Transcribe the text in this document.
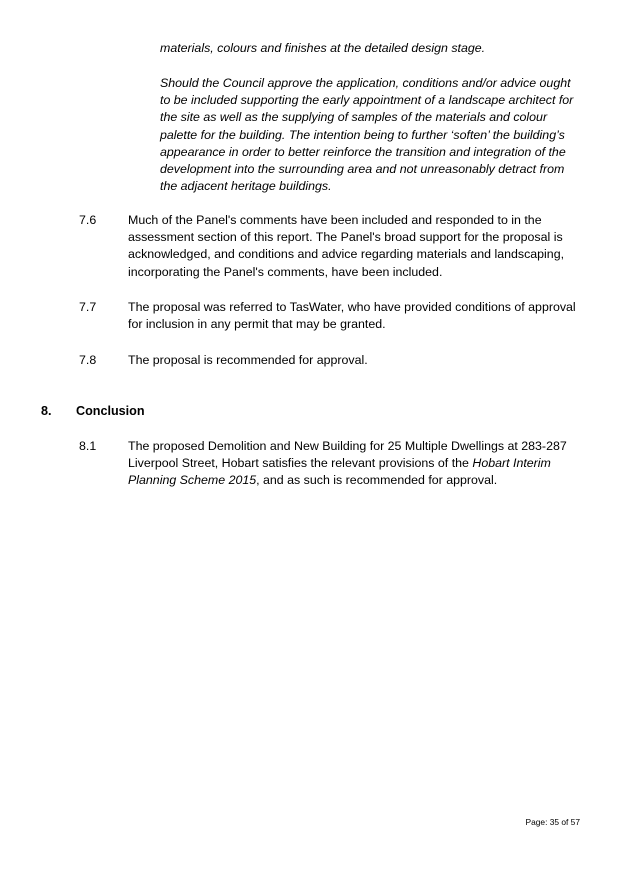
materials, colours and finishes at the detailed design stage.

Should the Council approve the application, conditions and/or advice ought
to be included supporting the early appointment of a landscape architect for
the site as well as the supplying of samples of the materials and colour
palette for the building. The intention being to further ‘soften’ the building’s
appearance in order to better reinforce the transition and integration of the
development into the surrounding area and not unreasonably detract from
the adjacent heritage buildings.
7.6	Much of the Panel's comments have been included and responded to in the
assessment section of this report. The Panel's broad support for the proposal is
acknowledged, and conditions and advice regarding materials and landscaping,
incorporating the Panel's comments, have been included.
7.7	The proposal was referred to TasWater, who have provided conditions of approval
for inclusion in any permit that may be granted.
7.8	The proposal is recommended for approval.
8. Conclusion
8.1	The proposed Demolition and New Building for 25 Multiple Dwellings at 283-287
Liverpool Street, Hobart satisfies the relevant provisions of the Hobart Interim
Planning Scheme 2015, and as such is recommended for approval.
Page: 35 of 57
